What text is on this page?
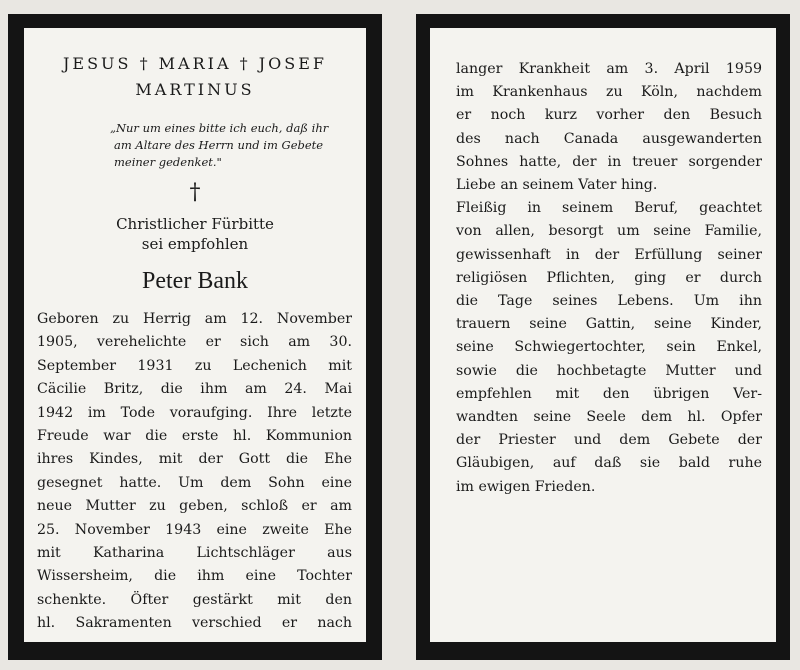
JESUS † MARIA † JOSEF
MARTINUS
„Nur um eines bitte ich euch, daß ihr
am Altare des Herrn und im Gebete
meiner gedenket."
†
Christlicher Fürbitte
sei empfohlen
Peter Bank
Geboren zu Herrig am 12. November
1905, verehelichte er sich am 30.
September 1931 zu Lechenich mit
Cäcilie Britz, die ihm am 24. Mai
1942 im Tode voraufging. Ihre letzte
Freude war die erste hl. Kommunion
ihres Kindes, mit der Gott die Ehe
gesegnet hatte. Um dem Sohn eine
neue Mutter zu geben, schloß er am
25. November 1943 eine zweite Ehe
mit Katharina Lichtschläger aus
Wissersheim, die ihm eine Tochter
schenkte. Öfter gestärkt mit den
hl. Sakramenten verschied er nach
langer Krankheit am 3. April 1959
im Krankenhaus zu Köln, nachdem
er noch kurz vorher den Besuch
des nach Canada ausgewanderten
Sohnes hatte, der in treuer sorgender
Liebe an seinem Vater hing.
Fleißig in seinem Beruf, geachtet
von allen, besorgt um seine Familie,
gewissenhaft in der Erfüllung seiner
religiösen Pflichten, ging er durch
die Tage seines Lebens. Um ihn
trauern seine Gattin, seine Kinder,
seine Schwiegertochter, sein Enkel,
sowie die hochbetagte Mutter und
empfehlen mit den übrigen Ver-
wandten seine Seele dem hl. Opfer
der Priester und dem Gebete der
Gläubigen, auf daß sie bald ruhe
im ewigen Frieden.
